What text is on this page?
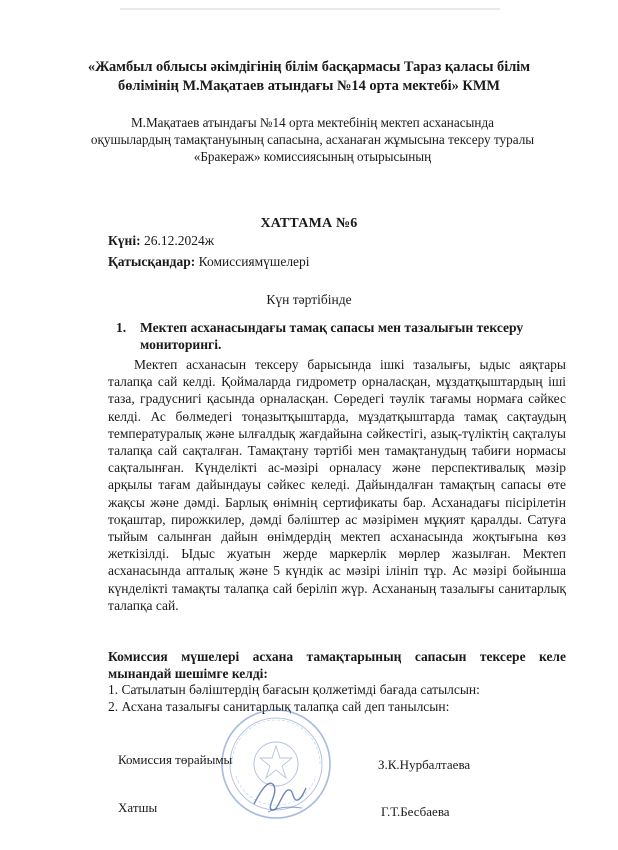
«Жамбыл облысы әкімдігінің білім басқармасы Тараз қаласы білім бөлімінің М.Мақатаев атындағы №14 орта мектебі» КММ
М.Мақатаев атындағы №14 орта мектебінің мектеп асханасында оқушылардың тамақтануының сапасына, асханаған жұмысына тексеру туралы «Бракераж» комиссиясының отырысының
ХАТТАМА №6
Күні: 26.12.2024ж
Қатысқандар: Комиссиямүшелері
Күн тәртібінде
1.	Мектеп асханасындағы тамақ сапасы мен тазалығын тексеру мониторингі.
Мектеп асханасын тексеру барысында ішкі тазалығы, ыдыс аяқтары талапқа сай келді. Қоймаларда гидрометр орналасқан, мұздатқыштардың іші таза, градуснигі қасында орналасқан. Сөредегі тәулік тағамы нормаға сәйкес келді. Ас бөлмедегі тоңазытқыштарда, мұздатқыштарда тамақ сақтаудың температуралық және ылғалдық жағдайына сәйкестігі, азық-түліктің сақталуы талапқа сай сақталған. Тамақтану тәртібі мен тамақтанудың табиғи нормасы сақталынған. Күнделікті ас-мәзірі орналасу және перспективалық мәзір арқылы тағам дайындауы сәйкес келеді. Дайындалған тамақтың сапасы өте жақсы және дәмді. Барлық өнімнің сертификаты бар. Асханадағы пісірілетін тоқаштар, пирожкилер, дәмді бәліштер ас мәзірімен мұқият қаралды. Сатуға тыйым салынған дайын өнімдердің мектеп асханасында жоқтығына көз жеткізілді. Ыдыс жуатын жерде маркерлік мөрлер жазылған. Мектеп асханасында апталық және 5 күндік ас мәзірі ілініп тұр. Ас мәзірі бойынша күнделікті тамақты талапқа сай беріліп жүр. Асхананың тазалығы санитарлық талапқа сай.
Комиссия мүшелері асхана тамақтарының сапасын тексере келе мынандай шешімге келді:
1. Сатылатын бәліштердің бағасын қолжетімді бағада сатылсын:
2. Асхана тазалығы санитарлық талапқа сай деп танылсын:
Комиссия төрайымы	З.К.Нурбалтаева
Хатшы	Г.Т.Бесбаева
